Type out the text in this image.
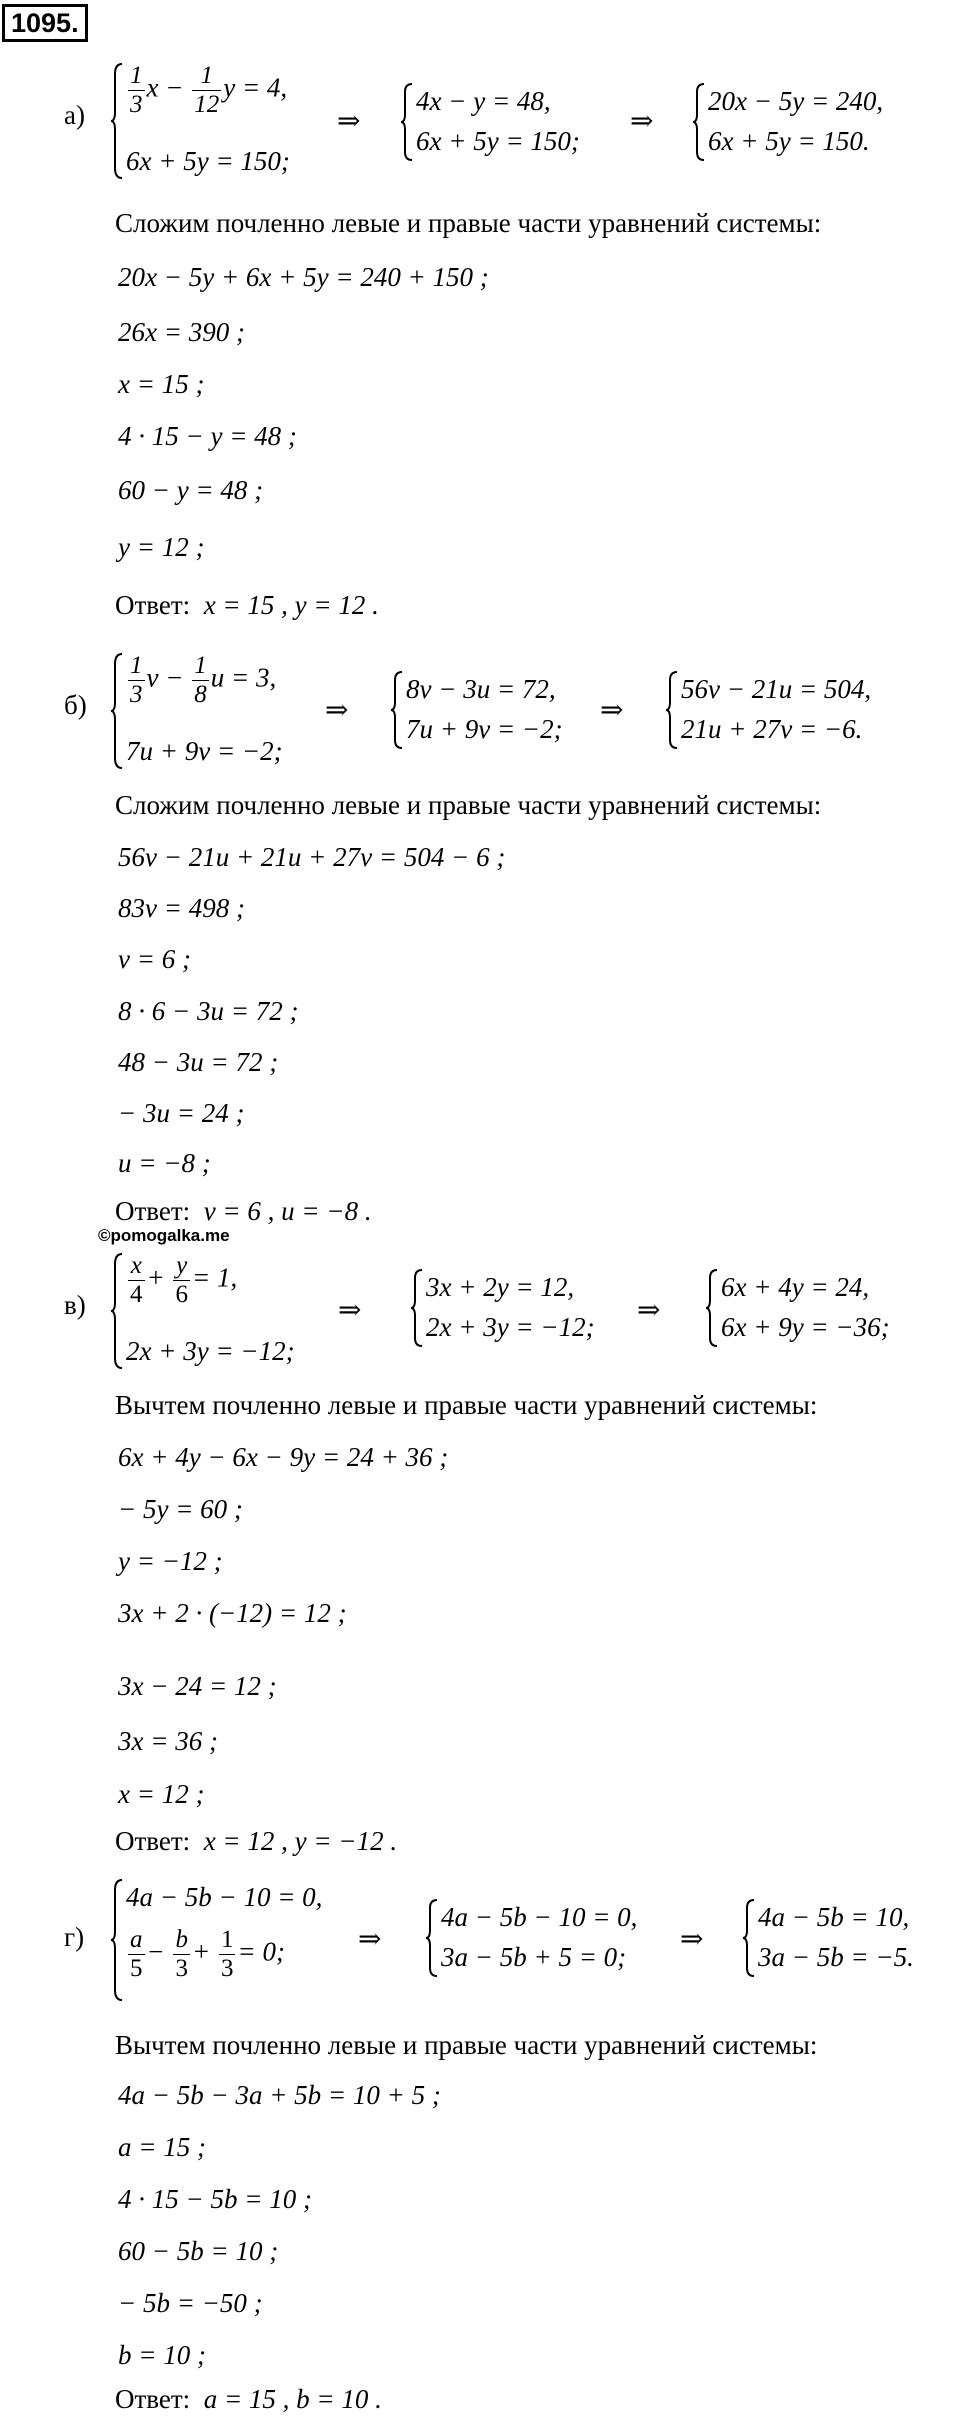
1095.
$а) \frac{1}{3}$ $x - \frac{1}{12}$ y = 4,
6x + 5y = 150;
⇒
4x − y = 48,
6x + 5y = 150;
⇒
20x − 5y = 240,
6x + 5y = 150.
Сложим почленно левые и правые части уравнений системы:
20x − 5y + 6x + 5y = 240 + 150 ;
26x = 390 ;
x = 15 ;
4 · 15 − y = 48 ;
60 − y = 48 ;
y = 12 ;
Ответ: x = 15 , y = 12 .
$б) \frac{1}{3}$ $v - \frac{1}{8}$ u = 3,
7u + 9v = −2;
⇒
8v − 3u = 72,
7u + 9v = −2;
⇒
56v − 21u = 504,
21u + 27v = −6.
Сложим почленно левые и правые части уравнений системы:
56v − 21u + 21u + 27v = 504 − 6 ;
83v = 498 ;
v = 6 ;
8 · 6 − 3u = 72 ;
48 − 3u = 72 ;
− 3u = 24 ;
u = −8 ;
Ответ: v = 6 , u = −8 .
©pomogalka.me
$в) \frac{x}{4} + \frac{y}{6} = 1$,
2x + 3y = −12;
⇒
3x + 2y = 12,
2x + 3y = −12;
⇒
6x + 4y = 24,
6x + 9y = −36;
Вычтем почленно левые и правые части уравнений системы:
6x + 4y − 6x − 9y = 24 + 36 ;
− 5y = 60 ;
y = −12 ;
3x + 2 · (−12) = 12 ;
3x − 24 = 12 ;
3x = 36 ;
x = 12 ;
Ответ: x = 12 , y = −12 .
г)
4a − 5b − 10 = 0,
$\frac{a}{5} - \frac{b}{3} + \frac{1}{3} = 0$;	⇒
4a − 5b − 10 = 0,
3a − 5b + 5 = 0;
⇒
4a − 5b = 10,
3a − 5b = −5.
Вычтем почленно левые и правые части уравнений системы:
4a − 5b − 3a + 5b = 10 + 5 ;
a = 15 ;
4 · 15 − 5b = 10 ;
60 − 5b = 10 ;
− 5b = −50 ;
b = 10 ;
Ответ: a = 15 , b = 10 .
